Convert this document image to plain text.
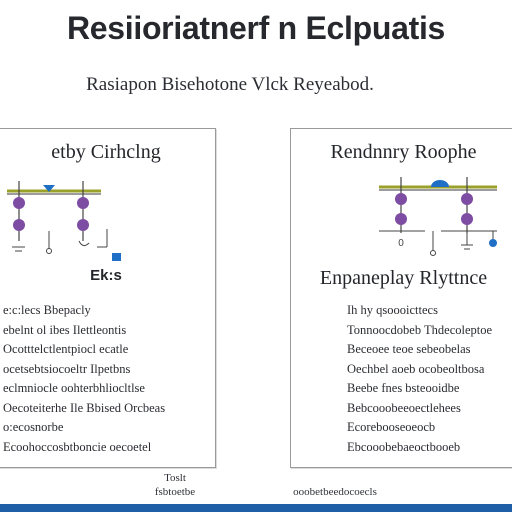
Resiioriatnerf n Eclpuatis
Rasiapon Bisehotone Vlck Reyeabod.
etby Cirhclng
Ek:s
e:c:lecs Bbepacly
ebelnt ol ibes Ilettleontis
Ocotttelctlentpiocl ecatle
ocetsebtsiocoeltr Ilpetbns
eclmniocle oohterbhliocltlse
Oecoteiterhe Ile Bbised Orcbeas
o:ecosnorbe
Ecoohoccosbtboncie oecoetel
Rendnnry Roophe
0
Enpaneplay Rlyttnce
Ih hy qsoooicttecs
Tonnoocdobeb Thdecoleptoe
Beceoee teoe sebeobelas
Oechbel aoeb ocobeoltbosa
Beebe fnes bsteooidbe
Bebcooobeeoectlehees
Ecorebooseoeocb
Ebcooobebaeoctbooeb
Toslt
fsbtoetbe	ooobetbeedocoecls
